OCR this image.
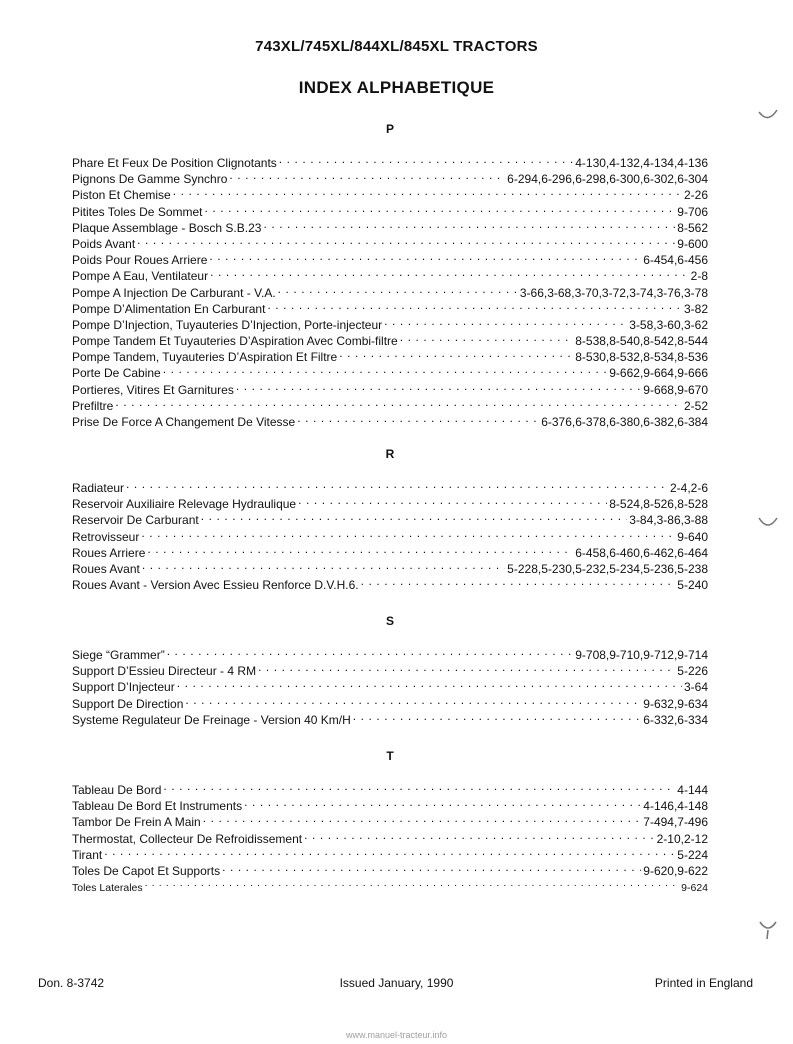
743XL/745XL/844XL/845XL TRACTORS
INDEX ALPHABETIQUE
P
Phare Et Feux De Position Clignotants . . .	4-130,4-132,4-134,4-136
Pignons De Gamme Synchro . . .	6-294,6-296,6-298,6-300,6-302,6-304
Piston Et Chemise . . .	2-26
Pitites Toles De Sommet . . .	9-706
Plaque Assemblage - Bosch S.B.23 . . .	8-562
Poids Avant . . .	9-600
Poids Pour Roues Arriere . . .	6-454,6-456
Pompe A Eau, Ventilateur . . .	2-8
Pompe A Injection De Carburant - V.A. . . .	3-66,3-68,3-70,3-72,3-74,3-76,3-78
Pompe D’Alimentation En Carburant . . .	3-82
Pompe D’Injection, Tuyauteries D’Injection, Porte-injecteur . . .	3-58,3-60,3-62
Pompe Tandem Et Tuyauteries D’Aspiration Avec Combi-filtre . . .	8-538,8-540,8-542,8-544
Pompe Tandem, Tuyauteries D’Aspiration Et Filtre . . .	8-530,8-532,8-534,8-536
Porte De Cabine . . .	9-662,9-664,9-666
Portieres, Vitires Et Garnitures . . .	9-668,9-670
Prefiltre . . .	2-52
Prise De Force A Changement De Vitesse . . .	6-376,6-378,6-380,6-382,6-384
R
Radiateur . . .	2-4,2-6
Reservoir Auxiliaire Relevage Hydraulique . . .	8-524,8-526,8-528
Reservoir De Carburant . . .	3-84,3-86,3-88
Retrovisseur . . .	9-640
Roues Arriere . . .	6-458,6-460,6-462,6-464
Roues Avant . . .	5-228,5-230,5-232,5-234,5-236,5-238
Roues Avant - Version Avec Essieu Renforce D.V.H.6. . . .	5-240
S
Siege “Grammer” . . .	9-708,9-710,9-712,9-714
Support D’Essieu Directeur - 4 RM . . .	5-226
Support D’Injecteur . . .	3-64
Support De Direction . . .	9-632,9-634
Systeme Regulateur De Freinage - Version 40 Km/H . . .	6-332,6-334
T
Tableau De Bord . . .	4-144
Tableau De Bord Et Instruments . . .	4-146,4-148
Tambor De Frein A Main . . .	7-494,7-496
Thermostat, Collecteur De Refroidissement . . .	2-10,2-12
Tirant . . .	5-224
Toles De Capot Et Supports . . .	9-620,9-622
Toles Laterales . . .	9-624
Don. 8-3742	Issued January, 1990	Printed in England
www.manuel-tracteur.info
